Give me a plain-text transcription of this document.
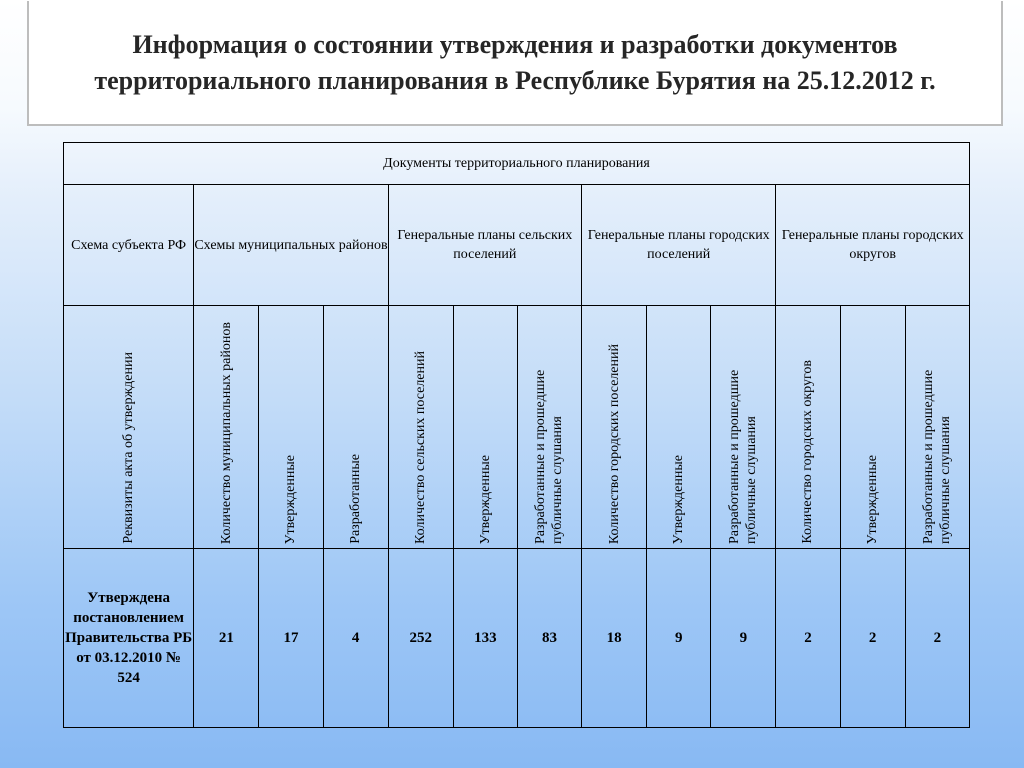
Информация о состоянии утверждения и разработки документов
территориального планирования в Республике Бурятия на 25.12.2012 г.
Документы территориального планирования												

Схема субъекта РФ	Схемы муниципальных районов			Генеральные планы сельских поселений			Генеральные планы городских поселений			Генеральные планы городских округов		

Реквизиты акта об утверждении	Количество муниципальных районов	Утвержденные	Разработанные	Количество сельских поселений	Утвержденные	Разработанные и прошедшие публичные слушания	Количество городских поселений	Утвержденные	Разработанные и прошедшие публичные слушания	Количество городских округов	Утвержденные	Разработанные и прошедшие публичные слушания

Утверждена постановлением Правительства РБ от 03.12.2010 № 524	21	17	4	252	133	83	18	9	9	2	2	2
